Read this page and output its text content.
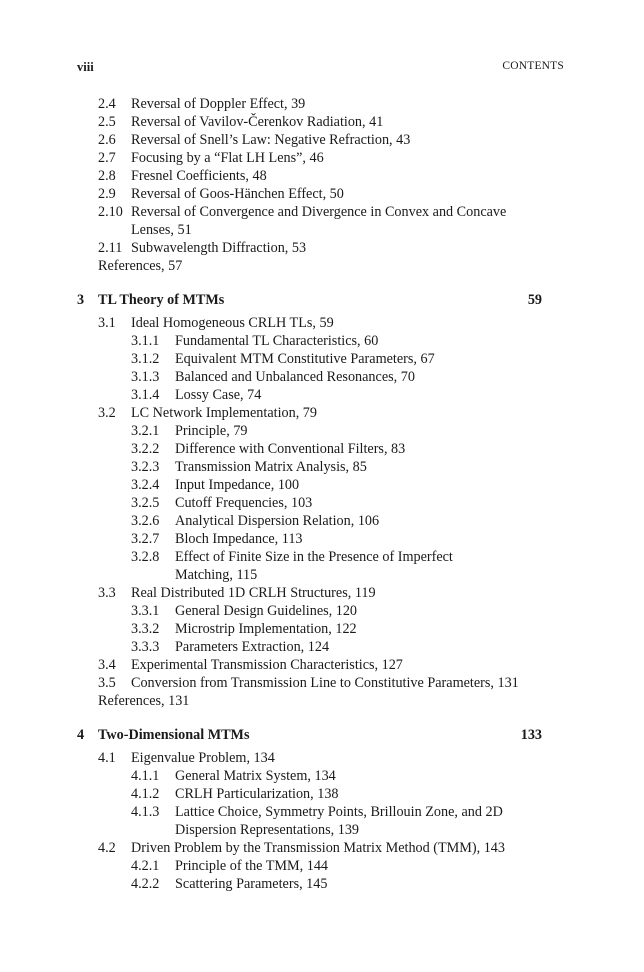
viii	CONTENTS
2.4 Reversal of Doppler Effect, 39
2.5 Reversal of Vavilov-Čerenkov Radiation, 41
2.6 Reversal of Snell’s Law: Negative Refraction, 43
2.7 Focusing by a “Flat LH Lens”, 46
2.8 Fresnel Coefficients, 48
2.9 Reversal of Goos-Hänchen Effect, 50
2.10 Reversal of Convergence and Divergence in Convex and Concave
Lenses, 51
2.11 Subwavelength Diffraction, 53
References, 57
3 TL Theory of MTMs	59
3.1 Ideal Homogeneous CRLH TLs, 59
3.1.1 Fundamental TL Characteristics, 60
3.1.2 Equivalent MTM Constitutive Parameters, 67
3.1.3 Balanced and Unbalanced Resonances, 70
3.1.4 Lossy Case, 74
3.2 LC Network Implementation, 79
3.2.1 Principle, 79
3.2.2 Difference with Conventional Filters, 83
3.2.3 Transmission Matrix Analysis, 85
3.2.4 Input Impedance, 100
3.2.5 Cutoff Frequencies, 103
3.2.6 Analytical Dispersion Relation, 106
3.2.7 Bloch Impedance, 113
3.2.8 Effect of Finite Size in the Presence of Imperfect
Matching, 115
3.3 Real Distributed 1D CRLH Structures, 119
3.3.1 General Design Guidelines, 120
3.3.2 Microstrip Implementation, 122
3.3.3 Parameters Extraction, 124
3.4 Experimental Transmission Characteristics, 127
3.5 Conversion from Transmission Line to Constitutive Parameters, 131
References, 131
4 Two-Dimensional MTMs	133
4.1 Eigenvalue Problem, 134
4.1.1 General Matrix System, 134
4.1.2 CRLH Particularization, 138
4.1.3 Lattice Choice, Symmetry Points, Brillouin Zone, and 2D
Dispersion Representations, 139
4.2 Driven Problem by the Transmission Matrix Method (TMM), 143
4.2.1 Principle of the TMM, 144
4.2.2 Scattering Parameters, 145
